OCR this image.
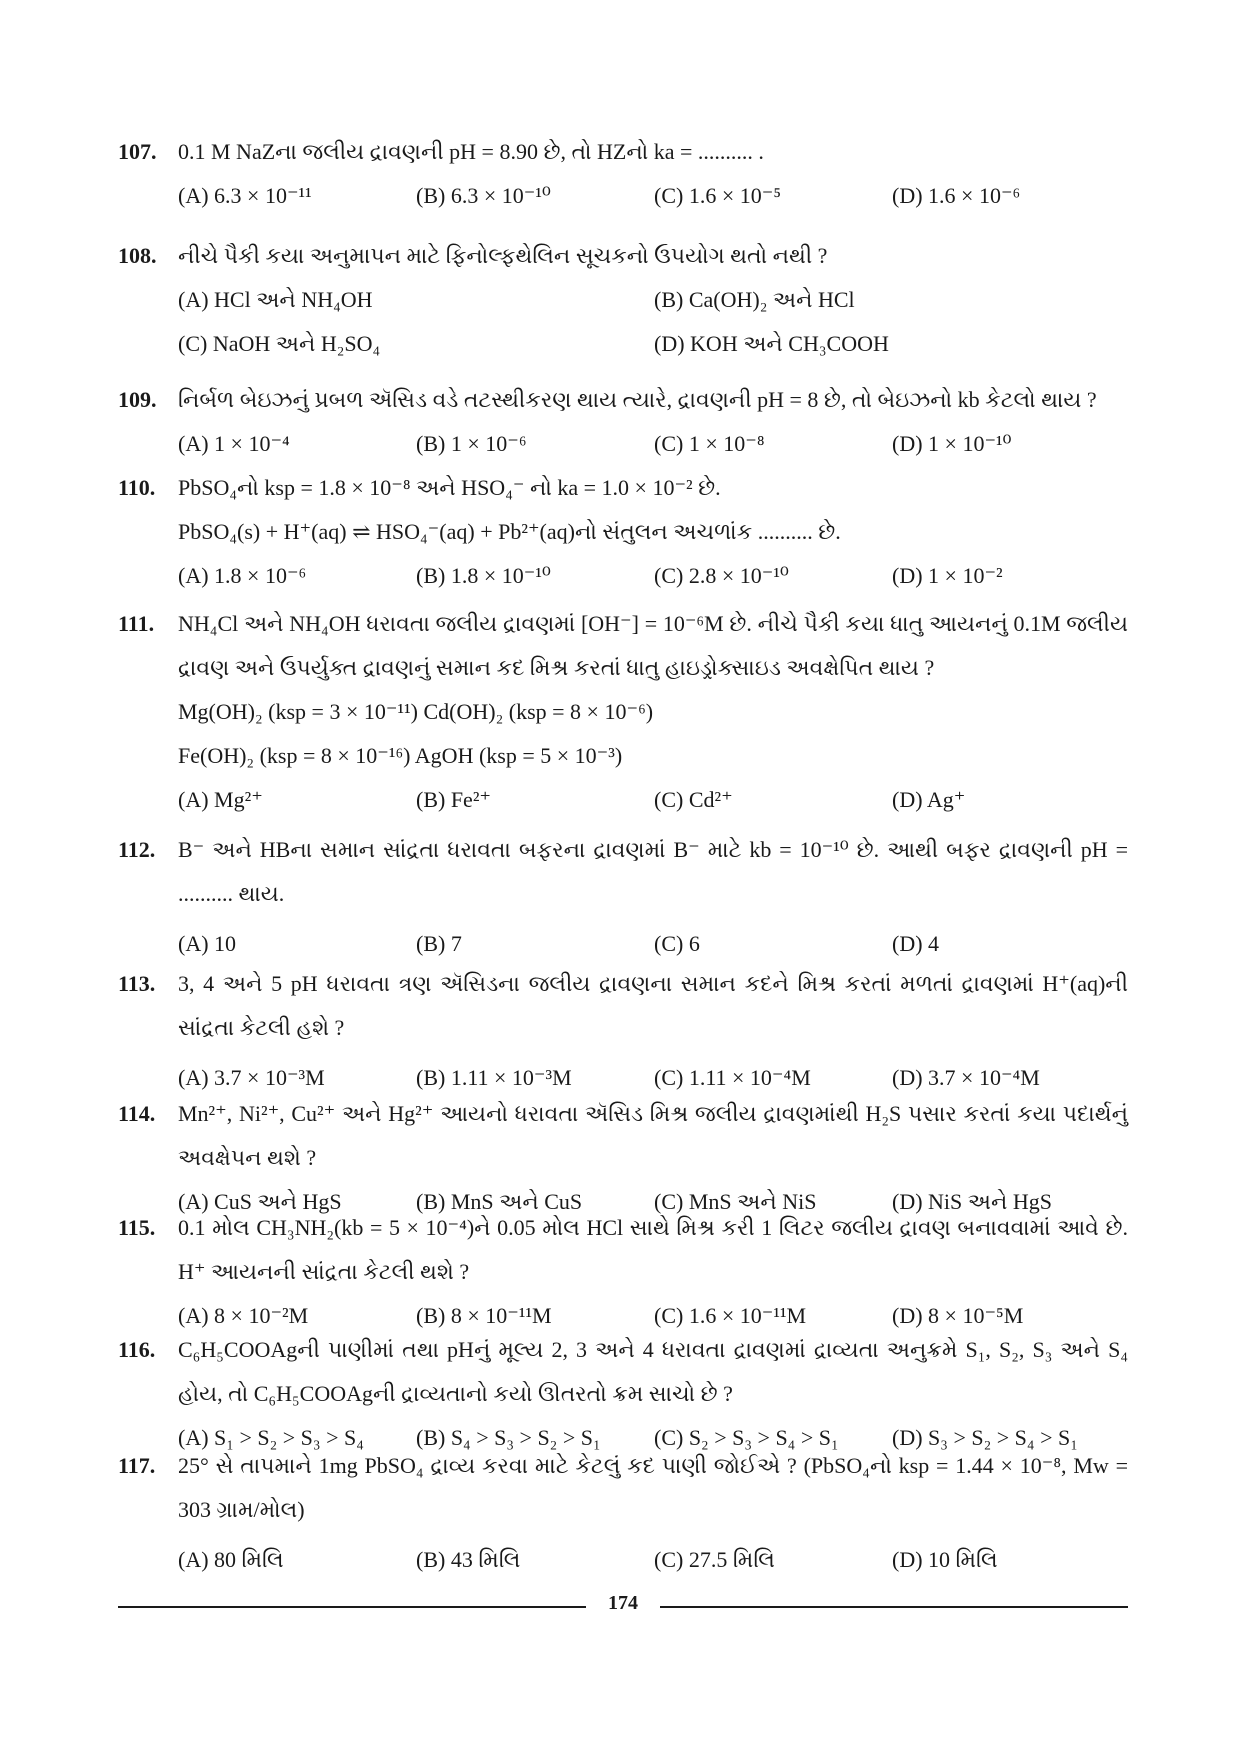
107. 0.1 M NaZના જલીય દ્રાવણની pH = 8.90 છે, તો HZનો ka = .......... .
(A) 6.3 × 10⁻¹¹	(B) 6.3 × 10⁻¹⁰	(C) 1.6 × 10⁻⁵	(D) 1.6 × 10⁻⁶
108. નીચે પૈકી કયા અનુમાપન માટે ફિનોલ્ફથેલિન સૂચકનો ઉપયોગ થતો નથી ?
(A) HCl અને NH₄OH	(B) Ca(OH)₂ અને HCl
(C) NaOH અને H₂SO₄	(D) KOH અને CH₃COOH
109. નિર્બળ બેઇઝનું પ્રબળ ઍસિડ વડે તટસ્થીકરણ થાય ત્યારે, દ્રાવણની pH = 8 છે, તો બેઇઝનો kb કેટલો થાય ?
(A) 1 × 10⁻⁴	(B) 1 × 10⁻⁶	(C) 1 × 10⁻⁸	(D) 1 × 10⁻¹⁰
110. PbSO₄નો ksp = 1.8 × 10⁻⁸ અને HSO₄⁻ નો ka = 1.0 × 10⁻² છે.
PbSO₄(s) + H⁺(aq) ⇌ HSO₄⁻(aq) + Pb²⁺(aq)નો સંતુલન અચળાંક .......... છે.
(A) 1.8 × 10⁻⁶	(B) 1.8 × 10⁻¹⁰	(C) 2.8 × 10⁻¹⁰	(D) 1 × 10⁻²
111. NH₄Cl અને NH₄OH ધરાવતા જલીય દ્રાવણમાં [OH⁻] = 10⁻⁶M છે. નીચે પૈકી કયા ધાતુ આયનનું 0.1M જલીય દ્રાવણ અને ઉપર્યુક્ત દ્રાવણનું સમાન કદ મિશ્ર કરતાં ધાતુ હાઇડ્રોક્સાઇડ અવક્ષેપિત થાય ?
Mg(OH)₂ (ksp = 3 × 10⁻¹¹) Cd(OH)₂ (ksp = 8 × 10⁻⁶)
Fe(OH)₂ (ksp = 8 × 10⁻¹⁶) AgOH (ksp = 5 × 10⁻³)
(A) Mg²⁺	(B) Fe²⁺	(C) Cd²⁺	(D) Ag⁺
112. B⁻ અને HBના સમાન સાંદ્રતા ધરાવતા બફરના દ્રાવણમાં B⁻ માટે kb = 10⁻¹⁰ છે. આથી બફર દ્રાવણની pH = .......... થાય.
(A) 10	(B) 7	(C) 6	(D) 4
113. 3, 4 અને 5 pH ધરાવતા ત્રણ ઍસિડના જલીય દ્રાવણના સમાન કદને મિશ્ર કરતાં મળતાં દ્રાવણમાં H⁺(aq)ની સાંદ્રતા કેટલી હશે ?
(A) 3.7 × 10⁻³M	(B) 1.11 × 10⁻³M	(C) 1.11 × 10⁻⁴M	(D) 3.7 × 10⁻⁴M
114. Mn²⁺, Ni²⁺, Cu²⁺ અને Hg²⁺ આયનો ધરાવતા ઍસિડ મિશ્ર જલીય દ્રાવણમાંથી H₂S પસાર કરતાં કયા પદાર્થનું અવક્ષેપન થશે ?
(A) CuS અને HgS	(B) MnS અને CuS	(C) MnS અને NiS	(D) NiS અને HgS
115. 0.1 મોલ CH₃NH₂(kb = 5 × 10⁻⁴)ને 0.05 મોલ HCl સાથે મિશ્ર કરી 1 લિટર જલીય દ્રાવણ બનાવવામાં આવે છે. H⁺ આયનની સાંદ્રતા કેટલી થશે ?
(A) 8 × 10⁻²M	(B) 8 × 10⁻¹¹M	(C) 1.6 × 10⁻¹¹M	(D) 8 × 10⁻⁵M
116. C₆H₅COOAgની પાણીમાં તથા pHનું મૂલ્ય 2, 3 અને 4 ધરાવતા દ્રાવણમાં દ્રાવ્યતા અનુક્રમે S₁, S₂, S₃ અને S₄ હોય, તો C₆H₅COOAgની દ્રાવ્યતાનો કયો ઊતરતો ક્રમ સાચો છે ?
(A) S₁ > S₂ > S₃ > S₄ (B) S₄ > S₃ > S₂ > S₁ (C) S₂ > S₃ > S₄ > S₁ (D) S₃ > S₂ > S₄ > S₁
117. 25° સે તાપમાને 1mg PbSO₄ દ્રાવ્ય કરવા માટે કેટલું કદ પાણી જોઈએ ? (PbSO₄નો ksp = 1.44 × 10⁻⁸, Mw = 303 ગ્રામ/મોલ)
(A) 80 મિલિ	(B) 43 મિલિ	(C) 27.5 મિલિ	(D) 10 મિલિ
174
